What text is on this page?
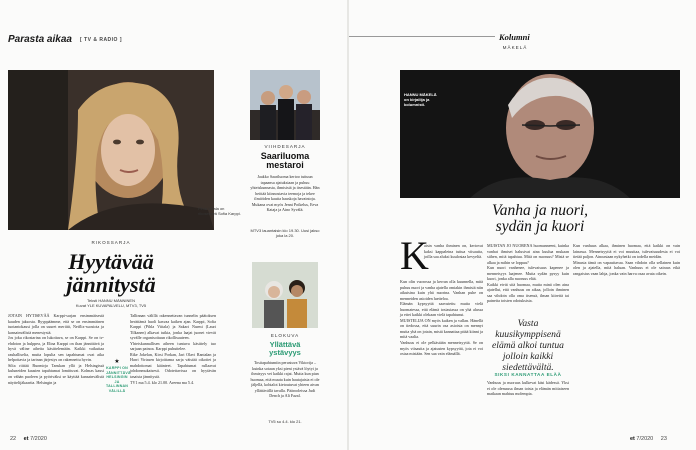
Parasta aikaa [ TV & RADIO ]
Pihla Viitala on rikosetsivä Sofia Karppi.
RIKOSSARJA
Hyytävää
jännitystä
Teksti HANNU MÄNNINEN
Kuvat YLE KUVAPALVELU, MTV3, TV5

JOTAIN HYTISEVÄÄ Karppi-sarjan ensimmäisestä kauden jaksosta. Ryyppäämme, että se on ensimmäinen tuotantokausi jolla on suuret meriitit, Netflix-suosiota ja kansainvälistä menestystä.

Jos joku rikostarina on lukottava, se on Karppi. Se on tv-ehdoton ja hulppea, ja Elina Karppi on ihan jännittävä ja hyvä väline aiheita käsittelemään. Kaikki vaikuttaa rauhalliselta, mutta lopulta sen tapahtumat ovat aika helpottavia ja tarinan järjestys on rakennettu hyvin.

Silta riittää Buomirja Tanskan yllä ja Helsingissä kuluneiden kausien tapahtumat lomittuvat. Kolmas kausi on vähän puoleen ja pyöriväksi se käyttää kansainvälistä näyttelijäkaartia. Helsingin ja

★
KARPPI ON JÄNNITTÄVÄ HELSINGIN JA TALLINNAN VÄLILLÄ

Tallinnan välillä rakennettavan tunnelin päätoksen herättämä huoli kasvaa kaiken ajan. Karppi, Sofia Karppi (Pihla Viitala) ja Sakari Nurmi (Lauri Tilkanen) alkavat tutkia, jonka laajat juonet vievät syvälle organisoituun rikollisuuteen.

Yhteiskunnallisen aiheen tuntuva käsittely tuo sarjaan painoa. Karppi puhuttelee.

Rike Jokelan, Kirsi Porkan, Jari Olavi Rantalan ja Harri Virtasen kirjoittama sarja väistää oikotiet ja mahdottomat käänteet. Tapahtumat rullaavat johdonmukaisesti. Odotettavissa on hyytävän tasaista jännitystä.

TV1 ma 5.4. klo 21.00. Areena ma 5.4.

VIIHDESARJA
Saariluoma
mestaroi
Jaakko Saariluoma kertoo tuttuun tapaansa ajatuksiaan ja puhuu yhteiskunnasta, ihmisistä ja itsestään. Hän heittää kiinnostavia teemoja ja tekee ilmiöiden kautta hauskoja havaintoja. Mukana ovat myös Jenni Poikelus, Eeva Kataja ja Aino Syvälä.
MTV3 lauantaisin klo 19.30. Uusi jakso joka la 20.
ELOKUVA
Yllättävä
ystävyys
Tositapahtumiin perustuva Viktorija – kuinka sotaan yksi pieni ystävä löytyi ja ihmisyys vei kaikki rajat. Mutta kun pian huomaa, että muuta kuin hautajaisia ei ole jäljellä, kohtalot kietoutuvat yhteen aivan yllättävällä tavalla. Päärooleissa Judi Dench ja Ali Fazal.
TV5 su 4.4. klo 21.
Kolumni
MÄKELÄ
HANNU MÄKELÄ on kirjailija ja kolumnisti.
Vanha ja nuori,
sydän ja kuori
K
aisin vanha ihminen on, kertovat kaksi kappaleina tuttua viisautta, joilla saa aluksi kuulostaa kevyeltä.

Kun olin vuorossa ja kerran olla kuunnella, mitä puhuu nuori ja vanha ajatella omiakin ihmisiä niin aikuisina kuin yhä nuorina. Vanhan puhe on menneiden asioiden luetteloa.

Elämän kypsyyttä saavutettu mutta vielä huomatessa, että elämä tosiasiassa on yhä alussa ja ettei kaikki olekaan vielä tapahtunut.

MUISTELIJA ON myös kaiken ja vallan. Hänellä on tiedossa, että suurin osa asioista on mennyt mutta yhä on jotain, mistä kannattaa pitää kiinni ja mitä vaalia.

Vanhuus ei ole pelkästään menneisyyttä. Se on myös viisautta ja ajatusten kypsyyttä, jota ei voi ostaa mistään. Sen saa vain elämällä.

MUISTAN JO NUORENA huomanneeni, kuinka vanhat ihmiset halusivat aina kuulua mukaan siihen, mitä tapahtuu. Mitä on nuoruus? Mistä se alkaa ja mihin se loppuu?

Kun nuori vanhenee, tulevaisuus kapenee ja menneisyys laajenee. Mutta sydän pysyy kuin kuori, jonka alla nuoruus elää.

Kaikki eivät sitä huomaa, mutta minä olen aina ajatellut, että vanhuus on aikaa, jolloin ihminen saa vihdoin olla oma itsensä, ilman kiirettä tai paineita toisten odotuksista.

Vasta kuusikymppisenä elämä alkoi tuntua jolloin kaikki siedettävältä.
SIKSI KANNATTAA ELÄÄ
Vanhuus ja nuoruus kulkevat käsi kädessä. Yksi ei ole olemassa ilman toista ja elämän mittaiseen matkaan mahtuu molempia.

Kun vanhuus alkaa, ihminen huomaa, että kaikki on vain lainassa. Menneisyyttä ei voi muuttaa, tulevaisuudesta ei voi tietää paljon. Ainoastaan nykyhetki on todella meidän.

Minusta tämä on vapauttavaa. Saan vihdoin olla sellainen kuin olen ja ajatella, mitä haluan. Vanhuus ei ole sairaus eikä rangaistus vaan lahja, jonka vain harva osaa avata oikein.

22 et 7/2020	et 7/2020 23
